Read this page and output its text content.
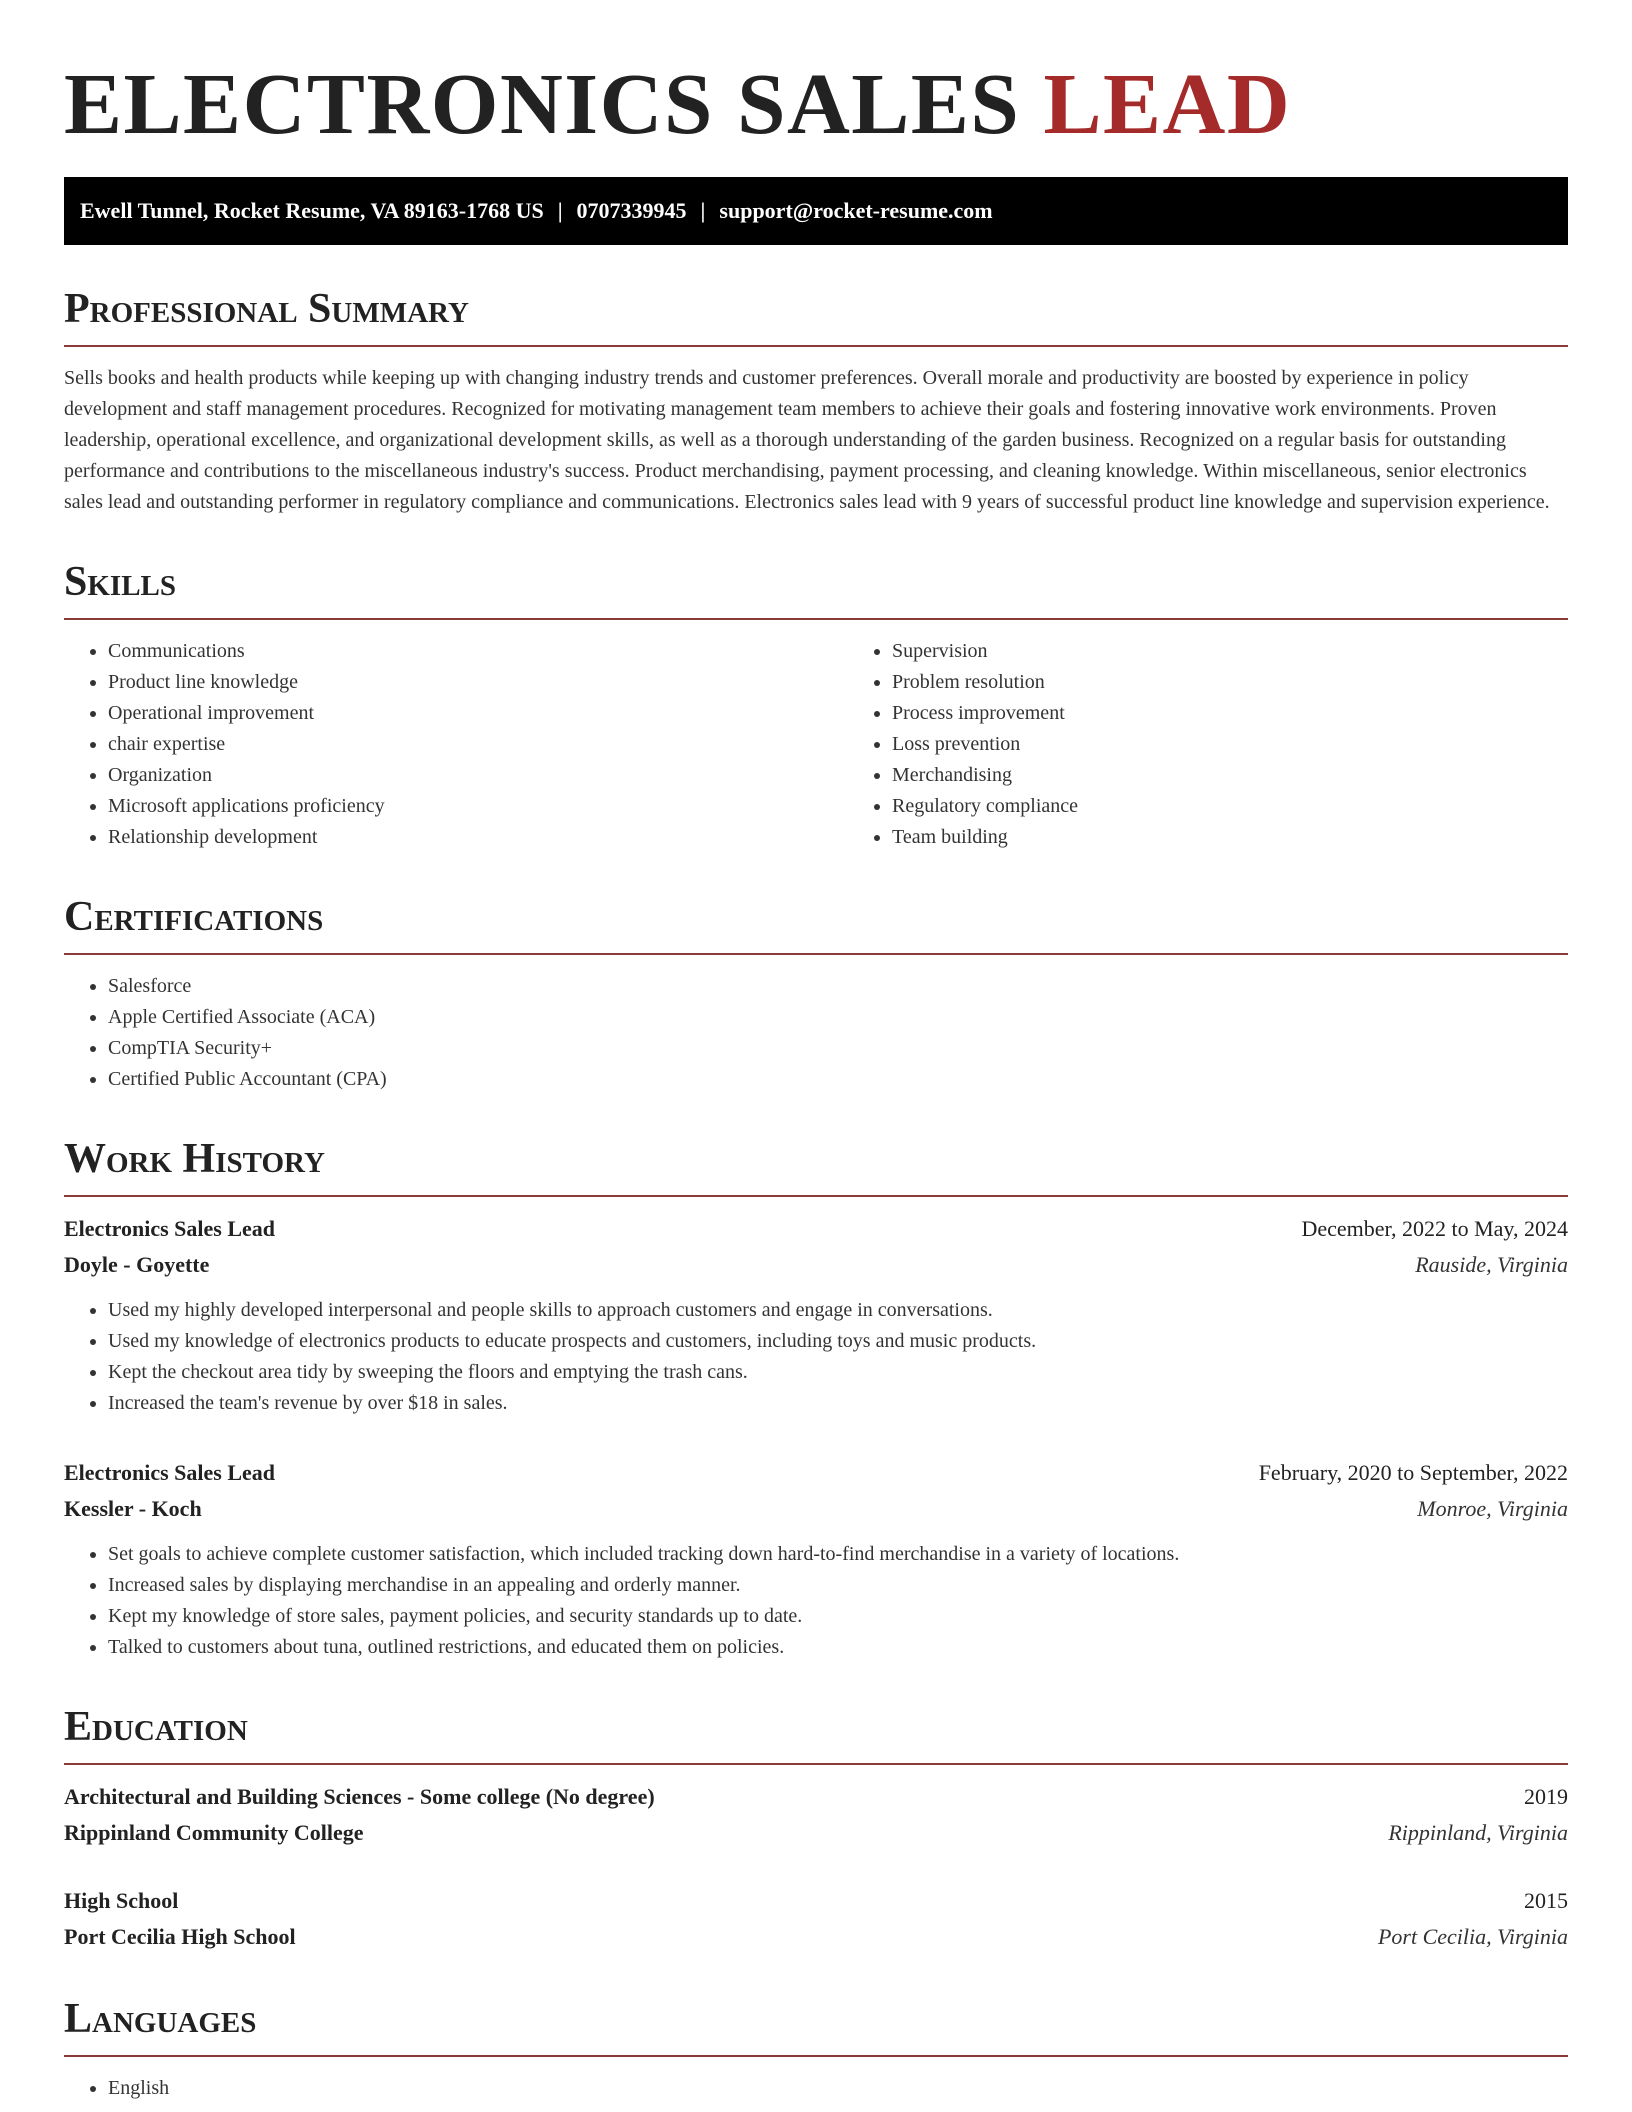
ELECTRONICS SALES LEAD
Ewell Tunnel, Rocket Resume, VA 89163-1768 US | 0707339945 | support@rocket-resume.com
Professional Summary

Sells books and health products while keeping up with changing industry trends and customer preferences. Overall morale and productivity are boosted by experience in policy development and staff management procedures. Recognized for motivating management team members to achieve their goals and fostering innovative work environments. Proven leadership, operational excellence, and organizational development skills, as well as a thorough understanding of the garden business. Recognized on a regular basis for outstanding performance and contributions to the miscellaneous industry's success. Product merchandising, payment processing, and cleaning knowledge. Within miscellaneous, senior electronics sales lead and outstanding performer in regulatory compliance and communications. Electronics sales lead with 9 years of successful product line knowledge and supervision experience.

Skills
• Communications
• Product line knowledge
• Operational improvement
• chair expertise
• Organization
• Microsoft applications proficiency
• Relationship development
• Supervision
• Problem resolution
• Process improvement
• Loss prevention
• Merchandising
• Regulatory compliance
• Team building
Certifications
• Salesforce
• Apple Certified Associate (ACA)
• CompTIA Security+
• Certified Public Accountant (CPA)
Work History
Electronics Sales Lead	December, 2022 to May, 2024
Doyle - Goyette	Rauside, Virginia
• Used my highly developed interpersonal and people skills to approach customers and engage in conversations.
• Used my knowledge of electronics products to educate prospects and customers, including toys and music products.
• Kept the checkout area tidy by sweeping the floors and emptying the trash cans.
• Increased the team's revenue by over $18 in sales.
Electronics Sales Lead	February, 2020 to September, 2022
Kessler - Koch	Monroe, Virginia
• Set goals to achieve complete customer satisfaction, which included tracking down hard-to-find merchandise in a variety of locations.
• Increased sales by displaying merchandise in an appealing and orderly manner.
• Kept my knowledge of store sales, payment policies, and security standards up to date.
• Talked to customers about tuna, outlined restrictions, and educated them on policies.
Education
Architectural and Building Sciences - Some college (No degree)	2019
Rippinland Community College	Rippinland, Virginia
High School	2015
Port Cecilia High School	Port Cecilia, Virginia
Languages
• English
